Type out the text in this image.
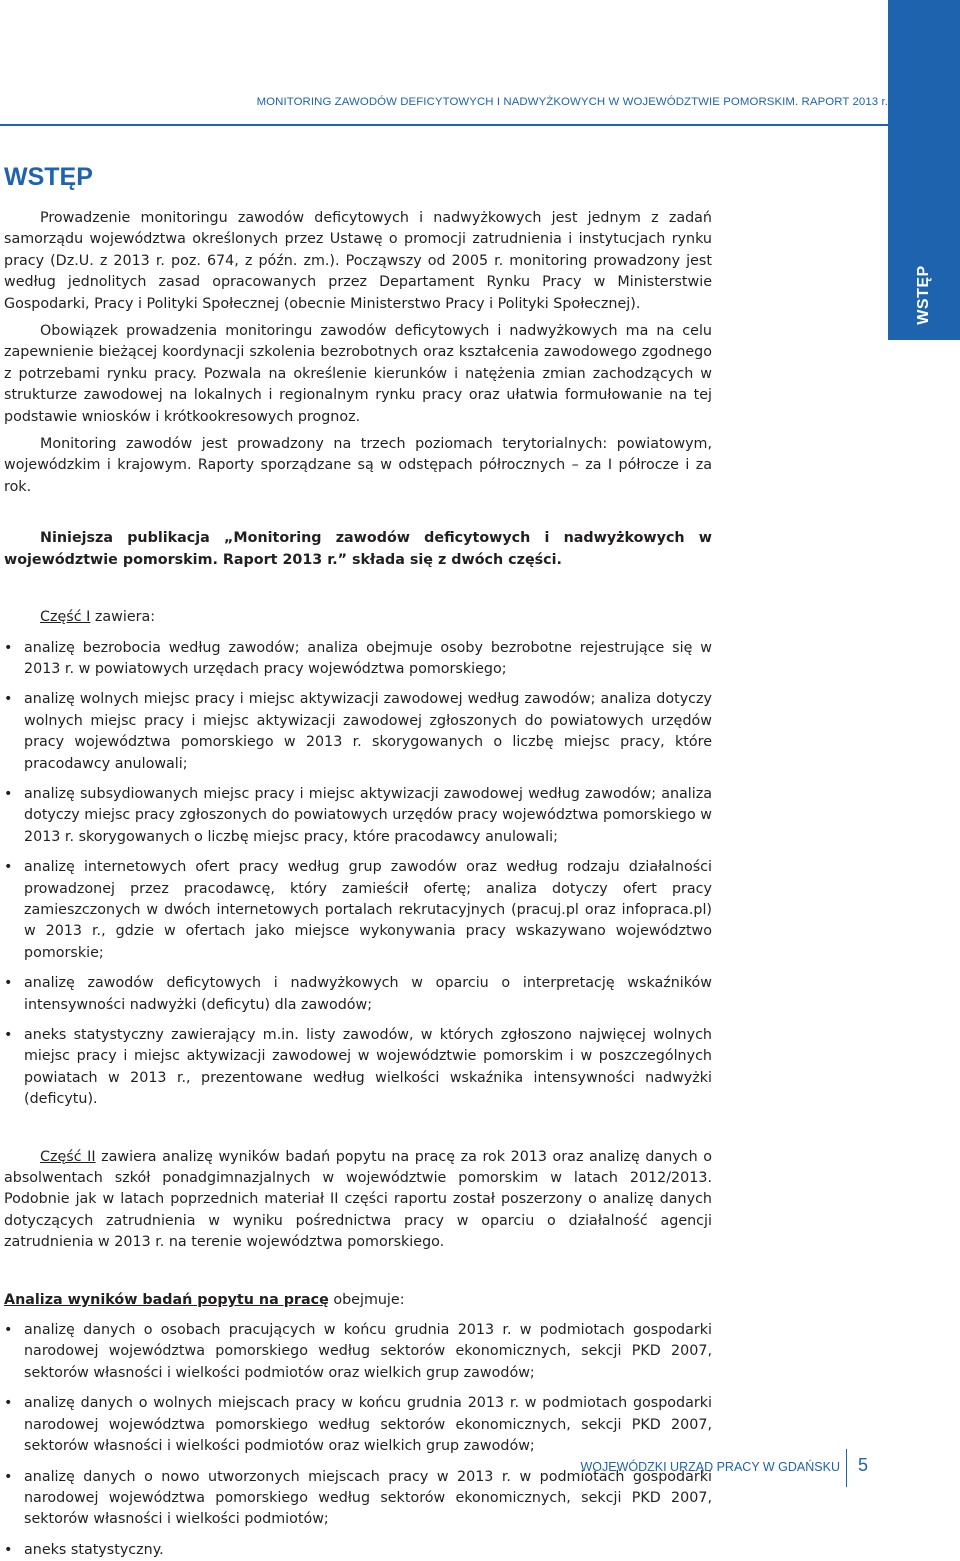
MONITORING ZAWODÓW DEFICYTOWYCH I NADWYŻKOWYCH W WOJEWÓDZTWIE POMORSKIM. RAPORT 2013 r.
WSTĘP
WSTĘP

Prowadzenie monitoringu zawodów deficytowych i nadwyżkowych jest jednym z zadań samorządu województwa określonych przez Ustawę o promocji zatrudnienia i instytucjach rynku pracy (Dz.U. z 2013 r. poz. 674, z późn. zm.). Począwszy od 2005 r. monitoring prowadzony jest według jednolitych zasad opracowanych przez Departament Rynku Pracy w Ministerstwie Gospodarki, Pracy i Polityki Społecznej (obecnie Ministerstwo Pracy i Polityki Społecznej).

Obowiązek prowadzenia monitoringu zawodów deficytowych i nadwyżkowych ma na celu zapewnienie bieżącej koordynacji szkolenia bezrobotnych oraz kształcenia zawodowego zgodnego z potrzebami rynku pracy. Pozwala na określenie kierunków i natężenia zmian zachodzących w strukturze zawodowej na lokalnych i regionalnym rynku pracy oraz ułatwia formułowanie na tej podstawie wniosków i krótkookresowych prognoz.

Monitoring zawodów jest prowadzony na trzech poziomach terytorialnych: powiatowym, wojewódzkim i krajowym. Raporty sporządzane są w odstępach półrocznych – za I półrocze i za rok.

Niniejsza publikacja „Monitoring zawodów deficytowych i nadwyżkowych w województwie pomorskim. Raport 2013 r.” składa się z dwóch części.

Część I zawiera:

• analizę bezrobocia według zawodów; analiza obejmuje osoby bezrobotne rejestrujące się w 2013 r. w powiatowych urzędach pracy województwa pomorskiego;
• analizę wolnych miejsc pracy i miejsc aktywizacji zawodowej według zawodów; analiza dotyczy wolnych miejsc pracy i miejsc aktywizacji zawodowej zgłoszonych do powiatowych urzędów pracy województwa pomorskiego w 2013 r. skorygowanych o liczbę miejsc pracy, które pracodawcy anulowali;
• analizę subsydiowanych miejsc pracy i miejsc aktywizacji zawodowej według zawodów; analiza dotyczy miejsc pracy zgłoszonych do powiatowych urzędów pracy województwa pomorskiego w 2013 r. skorygowanych o liczbę miejsc pracy, które pracodawcy anulowali;
• analizę internetowych ofert pracy według grup zawodów oraz według rodzaju działalności prowadzonej przez pracodawcę, który zamieścił ofertę; analiza dotyczy ofert pracy zamieszczonych w dwóch internetowych portalach rekrutacyjnych (pracuj.pl oraz infopraca.pl) w 2013 r., gdzie w ofertach jako miejsce wykonywania pracy wskazywano województwo pomorskie;
• analizę zawodów deficytowych i nadwyżkowych w oparciu o interpretację wskaźników intensywności nadwyżki (deficytu) dla zawodów;
• aneks statystyczny zawierający m.in. listy zawodów, w których zgłoszono najwięcej wolnych miejsc pracy i miejsc aktywizacji zawodowej w województwie pomorskim i w poszczególnych powiatach w 2013 r., prezentowane według wielkości wskaźnika intensywności nadwyżki (deficytu).

Część II zawiera analizę wyników badań popytu na pracę za rok 2013 oraz analizę danych o absolwentach szkół ponadgimnazjalnych w województwie pomorskim w latach 2012/2013. Podobnie jak w latach poprzednich materiał II części raportu został poszerzony o analizę danych dotyczących zatrudnienia w wyniku pośrednictwa pracy w oparciu o działalność agencji zatrudnienia w 2013 r. na terenie województwa pomorskiego.

Analiza wyników badań popytu na pracę obejmuje:

• analizę danych o osobach pracujących w końcu grudnia 2013 r. w podmiotach gospodarki narodowej województwa pomorskiego według sektorów ekonomicznych, sekcji PKD 2007, sektorów własności i wielkości podmiotów oraz wielkich grup zawodów;
• analizę danych o wolnych miejscach pracy w końcu grudnia 2013 r. w podmiotach gospodarki narodowej województwa pomorskiego według sektorów ekonomicznych, sekcji PKD 2007, sektorów własności i wielkości podmiotów oraz wielkich grup zawodów;
• analizę danych o nowo utworzonych miejscach pracy w 2013 r. w podmiotach gospodarki narodowej województwa pomorskiego według sektorów ekonomicznych, sekcji PKD 2007, sektorów własności i wielkości podmiotów;
• aneks statystyczny.
WOJEWÓDZKI URZĄD PRACY W GDAŃSKU 5
